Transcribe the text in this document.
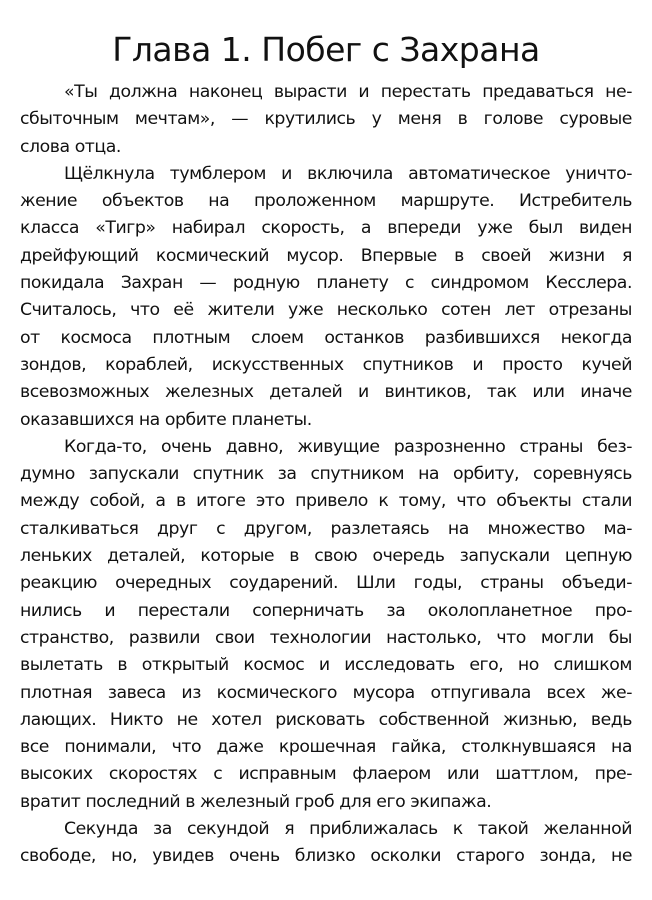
Глава 1. Побег с Захрана
«Ты должна наконец вырасти и перестать предаваться не-
сбыточным мечтам», — крутились у меня в голове суровые
слова отца.
Щёлкнула тумблером и включила автоматическое уничто-
жение объектов на проложенном маршруте. Истребитель
класса «Тигр» набирал скорость, а впереди уже был виден
дрейфующий космический мусор. Впервые в своей жизни я
покидала Захран — родную планету с синдромом Кесслера.
Считалось, что её жители уже несколько сотен лет отрезаны
от космоса плотным слоем останков разбившихся некогда
зондов, кораблей, искусственных спутников и просто кучей
всевозможных железных деталей и винтиков, так или иначе
оказавшихся на орбите планеты.
Когда-то, очень давно, живущие разрозненно страны без-
думно запускали спутник за спутником на орбиту, соревнуясь
между собой, а в итоге это привело к тому, что объекты стали
сталкиваться друг с другом, разлетаясь на множество ма-
леньких деталей, которые в свою очередь запускали цепную
реакцию очередных соударений. Шли годы, страны объеди-
нились и перестали соперничать за околопланетное про-
странство, развили свои технологии настолько, что могли бы
вылетать в открытый космос и исследовать его, но слишком
плотная завеса из космического мусора отпугивала всех же-
лающих. Никто не хотел рисковать собственной жизнью, ведь
все понимали, что даже крошечная гайка, столкнувшаяся на
высоких скоростях с исправным флаером или шаттлом, пре-
вратит последний в железный гроб для его экипажа.
Секунда за секундой я приближалась к такой желанной
свободе, но, увидев очень близко осколки старого зонда, не
